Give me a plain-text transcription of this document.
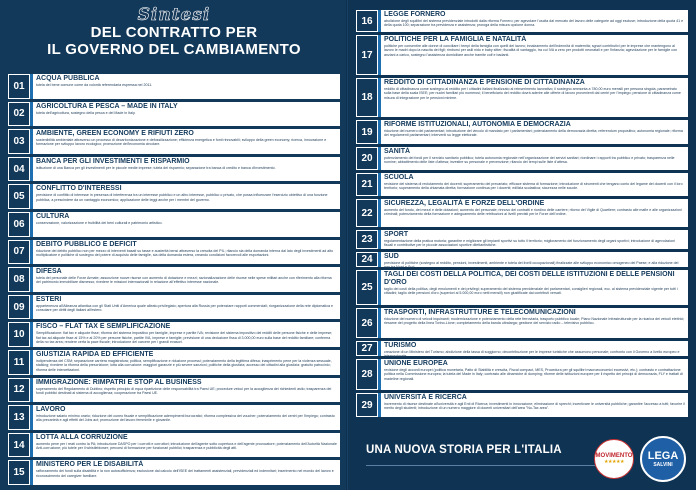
Sintesi
DEL CONTRATTO PER
IL GOVERNO DEL CAMBIAMENTO
01
ACQUA PUBBLICA
tutela del bene comune come da volontà referendaria espressa nel 2011.
02
AGRICOLTURA E PESCA – MADE IN ITALY
tutela dell'agricoltura, sostegno della pesca e del Made in Italy.
03
AMBIENTE, GREEN ECONOMY E RIFIUTI ZERO
sostenibilità ambientale attraverso un processo di decarbonizzazione e defossilizzazione; efficienza energetica e fonti rinnovabili; sviluppo della green economy; ricerca, innovazione e formazione per sviluppo lavoro ecologico; promozione dell'economia circolare.
04
BANCA PER GLI INVESTIMENTI E RISPARMIO
istituzione di una Banca per gli investimenti per le piccole medie imprese; tutela del risparmio; separazione tra banca di credito e banca d'investimento.
05
CONFLITTO D'INTERESSI
previsione di conflitto di interesse in presenza di interferenza tra un interesse pubblico e un altro interesse, pubblico o privato, che possa influenzare l'esercizio obiettivo di una funzione pubblica, a prescindere da un vantaggio economico; applicazione delle leggi anche per i membri del governo.
06
CULTURA
conservazione, valorizzazione e fruibilità dei beni culturali e patrimonio artistico.
07
DEBITO PUBBLICO E DEFICIT
riduzione del debito pubblico non per mezzo di interventi basati su tasse e austerità bensì attraverso la crescita del PIL; rilancio sia della domanda interna dal lato degli investimenti ad alto moltiplicatore e politiche di sostegno del potere di acquisto delle famiglie, sia della domanda estera, creando condizioni favorevoli alle esportazioni.
08
DIFESA
tutela del personale delle Forze Armate; assunzione nuove risorse con aumento di dotazione e mezzi; razionalizzazione delle risorse nelle spese militari anche con riferimento alla riforma del patrimonio immobiliare dismesso; rivedere le missioni internazionali in relazione all'effettivo interesse nazionale.
09
ESTERI
appartenenza all'Alleanza atlantica con gli Stati Uniti d'America quale alleato privilegiato; apertura alla Russia per potenziare rapporti commerciali; riorganizzazione della rete diplomatica e consolare per diritti degli italiani all'estero.
10
FISCO – FLAT TAX E SEMPLIFICAZIONE
Semplificazione: flat tax e aliquote fisse; riforma del sistema impositivo per famiglie, imprese e partite IVA; revisione del sistema impositivo dei redditi delle persone fisiche e delle imprese; flat tax ad aliquote fisse al 15% e al 20% per persone fisiche, partite IVA, imprese e famiglie; previsione di una deduzione fissa di 3.000,00 euro sulla base del reddito familiare; conferma della no tax area; rendere certa la pace fiscale; introduzione del carcere per i grandi evasori.
11
GIUSTIZIA RAPIDA ED EFFICIENTE
indipendenza del CSM; separazione carriera magistratura; politica, semplificazione e riduzione processi; potenziamento della legittima difesa; inasprimento pene per la violenza sessuale, stalking; rivedere la riforma della prescrizione; lotta alla corruzione: maggiori garanzie e più severe sanzioni; politiche della giustizia; accesso dei cittadini alla giustizia: gratuito patrocinio; riforma delle intercettazioni.
12
IMMIGRAZIONE: RIMPATRI E STOP AL BUSINESS
superamento del Regolamento di Dublino; rispetto principio di equa ripartizione delle responsabilità tra Paesi UE; procedure veloci per la accoglienza dei richiedenti asilo; trasparenza dei fondi pubblici destinati al sistema di accoglienza; cooperazione tra Paesi UE.
13
LAVORO
introduzione salario minimo orario; riduzione del cuneo fiscale e semplificazione adempimenti burocratici; riforma complessiva dei voucher; potenziamento dei centri per l'impiego; contrasto alla precarietà e agli effetti del Jobs act; promozione del lavoro femminile e giovanile.
14
LOTTA ALLA CORRUZIONE
aumento pene per i reati contro la PA; introduzione DASPO per i corrotti e corruttori; introduzione dell'agente sotto copertura e dell'agente provocatore; potenziamento dell'Autorità Nazionale Anti-corruzione; più tutele per il whistleblower; percorsi di formazione per funzionari pubblici; trasparenza e pubblicità degli atti.
15
MINISTERO PER LE DISABILITÀ
rafforzamento dei fondi sulla disabilità e la non autosufficienza; esclusione dal calcolo dell'ISEE dei trattamenti assistenziali, previdenziali ed indennitari; inserimento nel mondo del lavoro e riconoscimento del caregiver familiare.
16
LEGGE FORNERO
abolizione degli squilibri del sistema previdenziale introdotti dalla riforma Fornero; per agevolare l'uscita dal mercato del lavoro delle categorie ad oggi escluse; introduzione della quota 41 e della quota 100; separazione tra previdenza e assistenza; proroga della misura opzione donna.
17
POLITICHE PER LA FAMIGLIA E NATALITÀ
politiche per consentire alle donne di conciliare i tempi della famiglia con quelli del lavoro; innalzamento dell'indennità di maternità; sgravi contributivi per le imprese che mantengono al lavoro le madri dopo la nascita dei figli; rimborsi per asili nido e baby sitter; fiscalità di vantaggio, tra cui IVA a zero per prodotti neonatali e per l'infanzia; agevolazione per le famiglie con anziani a carico, sostegno l'assistenza domiciliare anche tramite colf e badanti.
18
REDDITO DI CITTADINANZA E PENSIONE DI CITTADINANZA
reddito di cittadinanza come sostegno al reddito per i cittadini italiani finalizzato al reinserimento lavorativo; il sostegno ammonta a 780,00 euro mensili per persona singola, parametrato sulla base della scala ISEE; per nuclei familiari più numerosi; il beneficiario del reddito dovrà aderire alle offerte di lavoro provenienti dai centri per l'impiego; pensione di cittadinanza come misura di integrazione per le pensioni minime.
19
RIFORME ISTITUZIONALI, AUTONOMIA E DEMOCRAZIA
riduzione del numero dei parlamentari; introduzione del vincolo di mandato per i parlamentari; potenziamento della democrazia diretta; referendum propositivo; autonomia regionale; riforma dei regolamenti parlamentari; interventi su legge elettorale.
20
SANITÀ
potenziamento dei fondi per il servizio sanitario pubblico; tutela autonomia regionale nell'organizzazione dei servizi sanitari; riordinare i rapporti tra pubblico e privato; trasparenza nelle nomine; abbattimento delle liste d'attesa; investire su personale e prevenzione; rilancio dei tempi sulle liste d'attesa.
21
SCUOLA
revisione del sistema di reclutamento dei docenti; superamento del precariato; efficace sistema di formazione; introduzione di strumenti che tengano conto del legame dei docenti con il loro territorio; superamento della chiamata diretta; formazione continua per i docenti; edilizia scolastica; sicurezza nelle scuole.
22
SICUREZZA, LEGALITÀ E FORZE DELL'ORDINE
aumento del fondo, dei mezzi e delle dotazioni; aumento del personale; rinnovo dei contratti e riordino delle carriere; ritorno del Vigile di Quartiere; contrasto alle mafie e alle organizzazioni criminali; potenziamento della formazione e adeguamento delle retribuzioni ai livelli previsti per le Forze dell'ordine.
23	SPORT
regolamentazione della pratica motoria; garantire e migliorare gli impianti sportivi su tutto il territorio; miglioramento del funzionamento degli organi sportivi; introduzione di agevolazioni fiscali e contributive per le piccole associazioni sportive dilettantistiche.
24	SUD
previsione di politiche (sostegno al reddito, pensioni, investimenti, ambiente e tutela dei livelli occupazionali) finalizzate alle sviluppo economico omogeneo del Paese; e alla riduzione del gap tra Nord e Sud.
25
TAGLI DEI COSTI DELLA POLITICA, DEI COSTI DELLE ISTITUZIONI E DELLE PENSIONI D'ORO
taglio dei costi della politica, degli emolumenti e dei privilegi; superamento del sistema previdenziale dei parlamentari, consiglieri regionali, ecc. al sistema previdenziale vigente per tutti i cittadini; taglio delle pensioni d'oro (superiori ai 5.000,00 euro netti mensili) non giustificate dai contributi versati.
26
TRASPORTI, INFRASTRUTTURE E TELECOMUNICAZIONI
riduzione del numero di veicoli inquinanti; modernizzazione e potenziamento della rete ferroviaria, trasporto pubblico locale; Piano Nazionale Infrastrutturale per la ricarica dei veicoli elettrici; riesame del progetto della linea Torino-Lione; completamento della banda ultralarga; gestione del servizio radio – televisivo pubblico.
27	TURISMO
creazione di un Ministero del Turismo; abolizione della tassa di soggiorno; decontribuzione per le imprese turistiche che assumono personale; confronto con il Governo a livello europeo e internazionale.
28
UNIONE EUROPEA
revisione degli accordi europei (politica monetaria, Patto di Stabilità e crescita, Fiscal compact, MES, Procedura per gli squilibri macroeconomici eccessivi, etc.); contrasto e contrattazione politica nella Commissione europea; la tutela del Made in Italy; contrasto alle dinamiche di dumping; riforme delle istituzioni europee per il rispetto dei principi di democrazia, FLY e trattati di madeline regionali.
29
UNIVERSITÀ E RICERCA
incremento di risorse destinate all'università e agli Enti di Ricerca; investimenti in innovazione; eliminazione di sprechi; incentivare le università pubbliche; garantire l'accesso a tutti; favorire il merito degli studenti; introduzione di un numero maggiore di docenti universitari dell'area "No-Tax area".
UNA NUOVA STORIA PER L'ITALIA	MOVIMENTO
★★★★★
LEGA
SALVINI
